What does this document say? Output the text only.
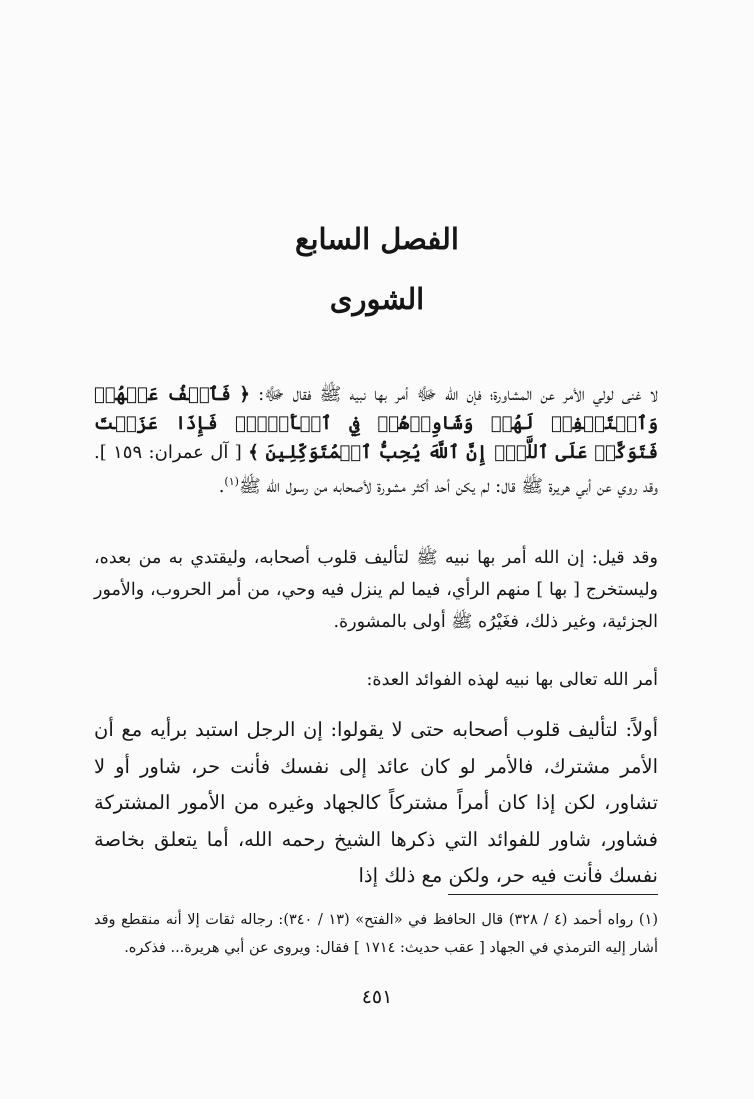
الفصل السابع
الشورى
لا غنى لولي الأمر عن المشاورة؛ فإن الله ﷻ أمر بها نبيه ﷺ فقال ﷻ: ﴿ فَٱعۡفُ عَنۡهُمۡ وَٱسۡتَغۡفِرۡ لَهُمۡ وَشَاوِرۡهُمۡ فِي ٱلۡأَمۡرِۖ فَإِذَا عَزَمۡتَ فَتَوَكَّلۡ عَلَى ٱللَّهِۚ إِنَّ ٱللَّهَ يُحِبُّ ٱلۡمُتَوَكِّلِينَ ﴾ [ آل عمران: ١٥٩ ]. وقد روي عن أبي هريرة ﷺ قال: لم يكن أحد أكثر مشورة لأصحابه من رسول الله ﷺ$^{(١)}$.
وقد قيل: إن الله أمر بها نبيه ﷺ لتأليف قلوب أصحابه، وليقتدي به من بعده، وليستخرج [ بها ] منهم الرأي، فيما لم ينزل فيه وحي، من أمر الحروب، والأمور الجزئية، وغير ذلك، فغَيْرُه ﷺ أولى بالمشورة.
أمر الله تعالى بها نبيه لهذه الفوائد العدة:
أولاً: لتأليف قلوب أصحابه حتى لا يقولوا: إن الرجل استبد برأيه مع أن الأمر مشترك، فالأمر لو كان عائد إلى نفسك فأنت حر، شاور أو لا تشاور، لكن إذا كان أمراً مشتركاً كالجهاد وغيره من الأمور المشتركة فشاور، شاور للفوائد التي ذكرها الشيخ رحمه الله، أما يتعلق بخاصة نفسك فأنت فيه حر، ولكن مع ذلك إذا
(١) رواه أحمد (٤ / ٣٢٨) قال الحافظ في «الفتح» (١٣ / ٣٤٠): رجاله ثقات إلا أنه منقطع وقد أشار إليه الترمذي في الجهاد [ عقب حديث: ١٧١٤ ] فقال: ويروى عن أبي هريرة... فذكره.
٤٥١
